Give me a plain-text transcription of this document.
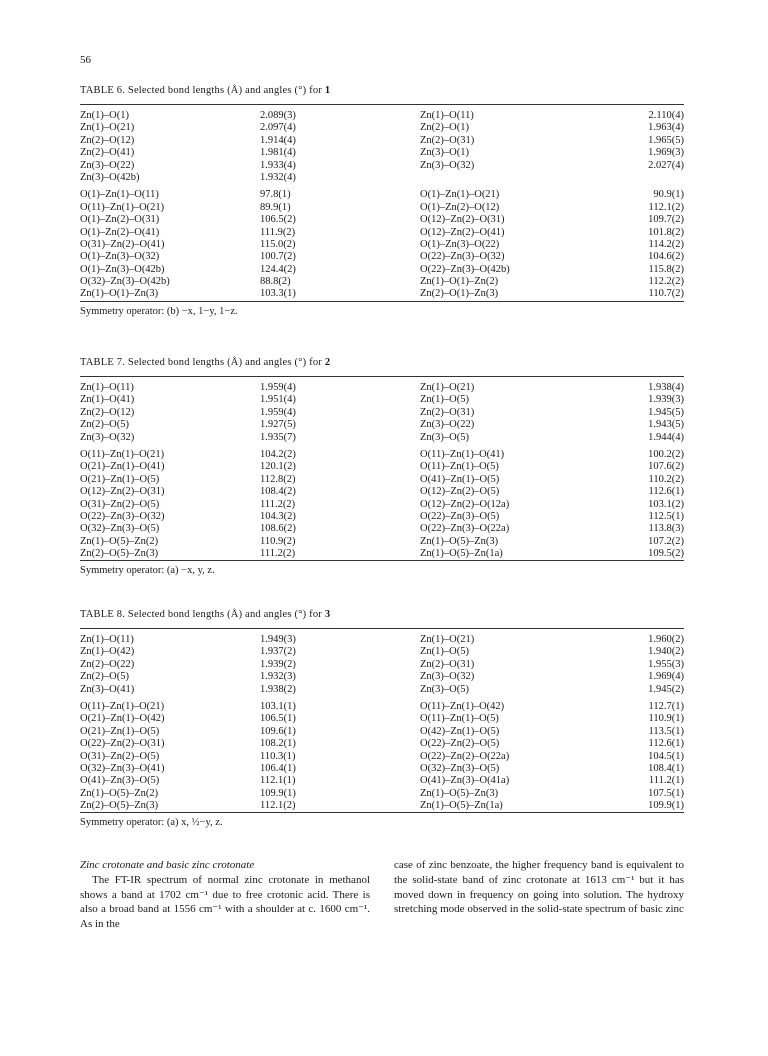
56
TABLE 6. Selected bond lengths (Å) and angles (°) for 1
Zn(1)–O(1)	2.089(3)	Zn(1)–O(11)	2.110(4)
Zn(1)–O(21)	2.097(4)	Zn(2)–O(1)	1.963(4)
Zn(2)–O(12)	1.914(4)	Zn(2)–O(31)	1.965(5)
Zn(2)–O(41)	1.981(4)	Zn(3)–O(1)	1.969(3)
Zn(3)–O(22)	1.933(4)	Zn(3)–O(32)	2.027(4)
Zn(3)–O(42b)	1.932(4)
O(1)–Zn(1)–O(11)	97.8(1)	O(1)–Zn(1)–O(21)	90.9(1)
O(11)–Zn(1)–O(21)	89.9(1)	O(1)–Zn(2)–O(12)	112.1(2)
O(1)–Zn(2)–O(31)	106.5(2)	O(12)–Zn(2)–O(31)	109.7(2)
O(1)–Zn(2)–O(41)	111.9(2)	O(12)–Zn(2)–O(41)	101.8(2)
O(31)–Zn(2)–O(41)	115.0(2)	O(1)–Zn(3)–O(22)	114.2(2)
O(1)–Zn(3)–O(32)	100.7(2)	O(22)–Zn(3)–O(32)	104.6(2)
O(1)–Zn(3)–O(42b)	124.4(2)	O(22)–Zn(3)–O(42b)	115.8(2)
O(32)–Zn(3)–O(42b)	88.8(2)	Zn(1)–O(1)–Zn(2)	112.2(2)
Zn(1)–O(1)–Zn(3)	103.3(1)	Zn(2)–O(1)–Zn(3)	110.7(2)
Symmetry operator: (b) −x, 1−y, 1−z.
TABLE 7. Selected bond lengths (Å) and angles (°) for 2
Zn(1)–O(11)	1.959(4)	Zn(1)–O(21)	1.938(4)
Zn(1)–O(41)	1.951(4)	Zn(1)–O(5)	1.939(3)
Zn(2)–O(12)	1.959(4)	Zn(2)–O(31)	1.945(5)
Zn(2)–O(5)	1.927(5)	Zn(3)–O(22)	1.943(5)
Zn(3)–O(32)	1.935(7)	Zn(3)–O(5)	1.944(4)
O(11)–Zn(1)–O(21)	104.2(2)	O(11)–Zn(1)–O(41)	100.2(2)
O(21)–Zn(1)–O(41)	120.1(2)	O(11)–Zn(1)–O(5)	107.6(2)
O(21)–Zn(1)–O(5)	112.8(2)	O(41)–Zn(1)–O(5)	110.2(2)
O(12)–Zn(2)–O(31)	108.4(2)	O(12)–Zn(2)–O(5)	112.6(1)
O(31)–Zn(2)–O(5)	111.2(2)	O(12)–Zn(2)–O(12a)	103.1(2)
O(22)–Zn(3)–O(32)	104.3(2)	O(22)–Zn(3)–O(5)	112.5(1)
O(32)–Zn(3)–O(5)	108.6(2)	O(22)–Zn(3)–O(22a)	113.8(3)
Zn(1)–O(5)–Zn(2)	110.9(2)	Zn(1)–O(5)–Zn(3)	107.2(2)
Zn(2)–O(5)–Zn(3)	111.2(2)	Zn(1)–O(5)–Zn(1a)	109.5(2)
Symmetry operator: (a) −x, y, z.
TABLE 8. Selected bond lengths (Å) and angles (°) for 3
Zn(1)–O(11)	1.949(3)	Zn(1)–O(21)	1.960(2)
Zn(1)–O(42)	1.937(2)	Zn(1)–O(5)	1.940(2)
Zn(2)–O(22)	1.939(2)	Zn(2)–O(31)	1.955(3)
Zn(2)–O(5)	1.932(3)	Zn(3)–O(32)	1.969(4)
Zn(3)–O(41)	1.938(2)	Zn(3)–O(5)	1.945(2)
O(11)–Zn(1)–O(21)	103.1(1)	O(11)–Zn(1)–O(42)	112.7(1)
O(21)–Zn(1)–O(42)	106.5(1)	O(11)–Zn(1)–O(5)	110.9(1)
O(21)–Zn(1)–O(5)	109.6(1)	O(42)–Zn(1)–O(5)	113.5(1)
O(22)–Zn(2)–O(31)	108.2(1)	O(22)–Zn(2)–O(5)	112.6(1)
O(31)–Zn(2)–O(5)	110.3(1)	O(22)–Zn(2)–O(22a)	104.5(1)
O(32)–Zn(3)–O(41)	106.4(1)	O(32)–Zn(3)–O(5)	108.4(1)
O(41)–Zn(3)–O(5)	112.1(1)	O(41)–Zn(3)–O(41a)	111.2(1)
Zn(1)–O(5)–Zn(2)	109.9(1)	Zn(1)–O(5)–Zn(3)	107.5(1)
Zn(2)–O(5)–Zn(3)	112.1(2)	Zn(1)–O(5)–Zn(1a)	109.9(1)
Symmetry operator: (a) x, ½−y, z.

Zinc crotonate and basic zinc crotonate

The FT-IR spectrum of normal zinc crotonate in methanol shows a band at 1702 cm⁻¹ due to free crotonic acid. There is also a broad band at 1556 cm⁻¹ with a shoulder at c. 1600 cm⁻¹. As in the

case of zinc benzoate, the higher frequency band is equivalent to the solid-state band of zinc crotonate at 1613 cm⁻¹ but it has moved down in frequency on going into solution. The hydroxy stretching mode observed in the solid-state spectrum of basic zinc
